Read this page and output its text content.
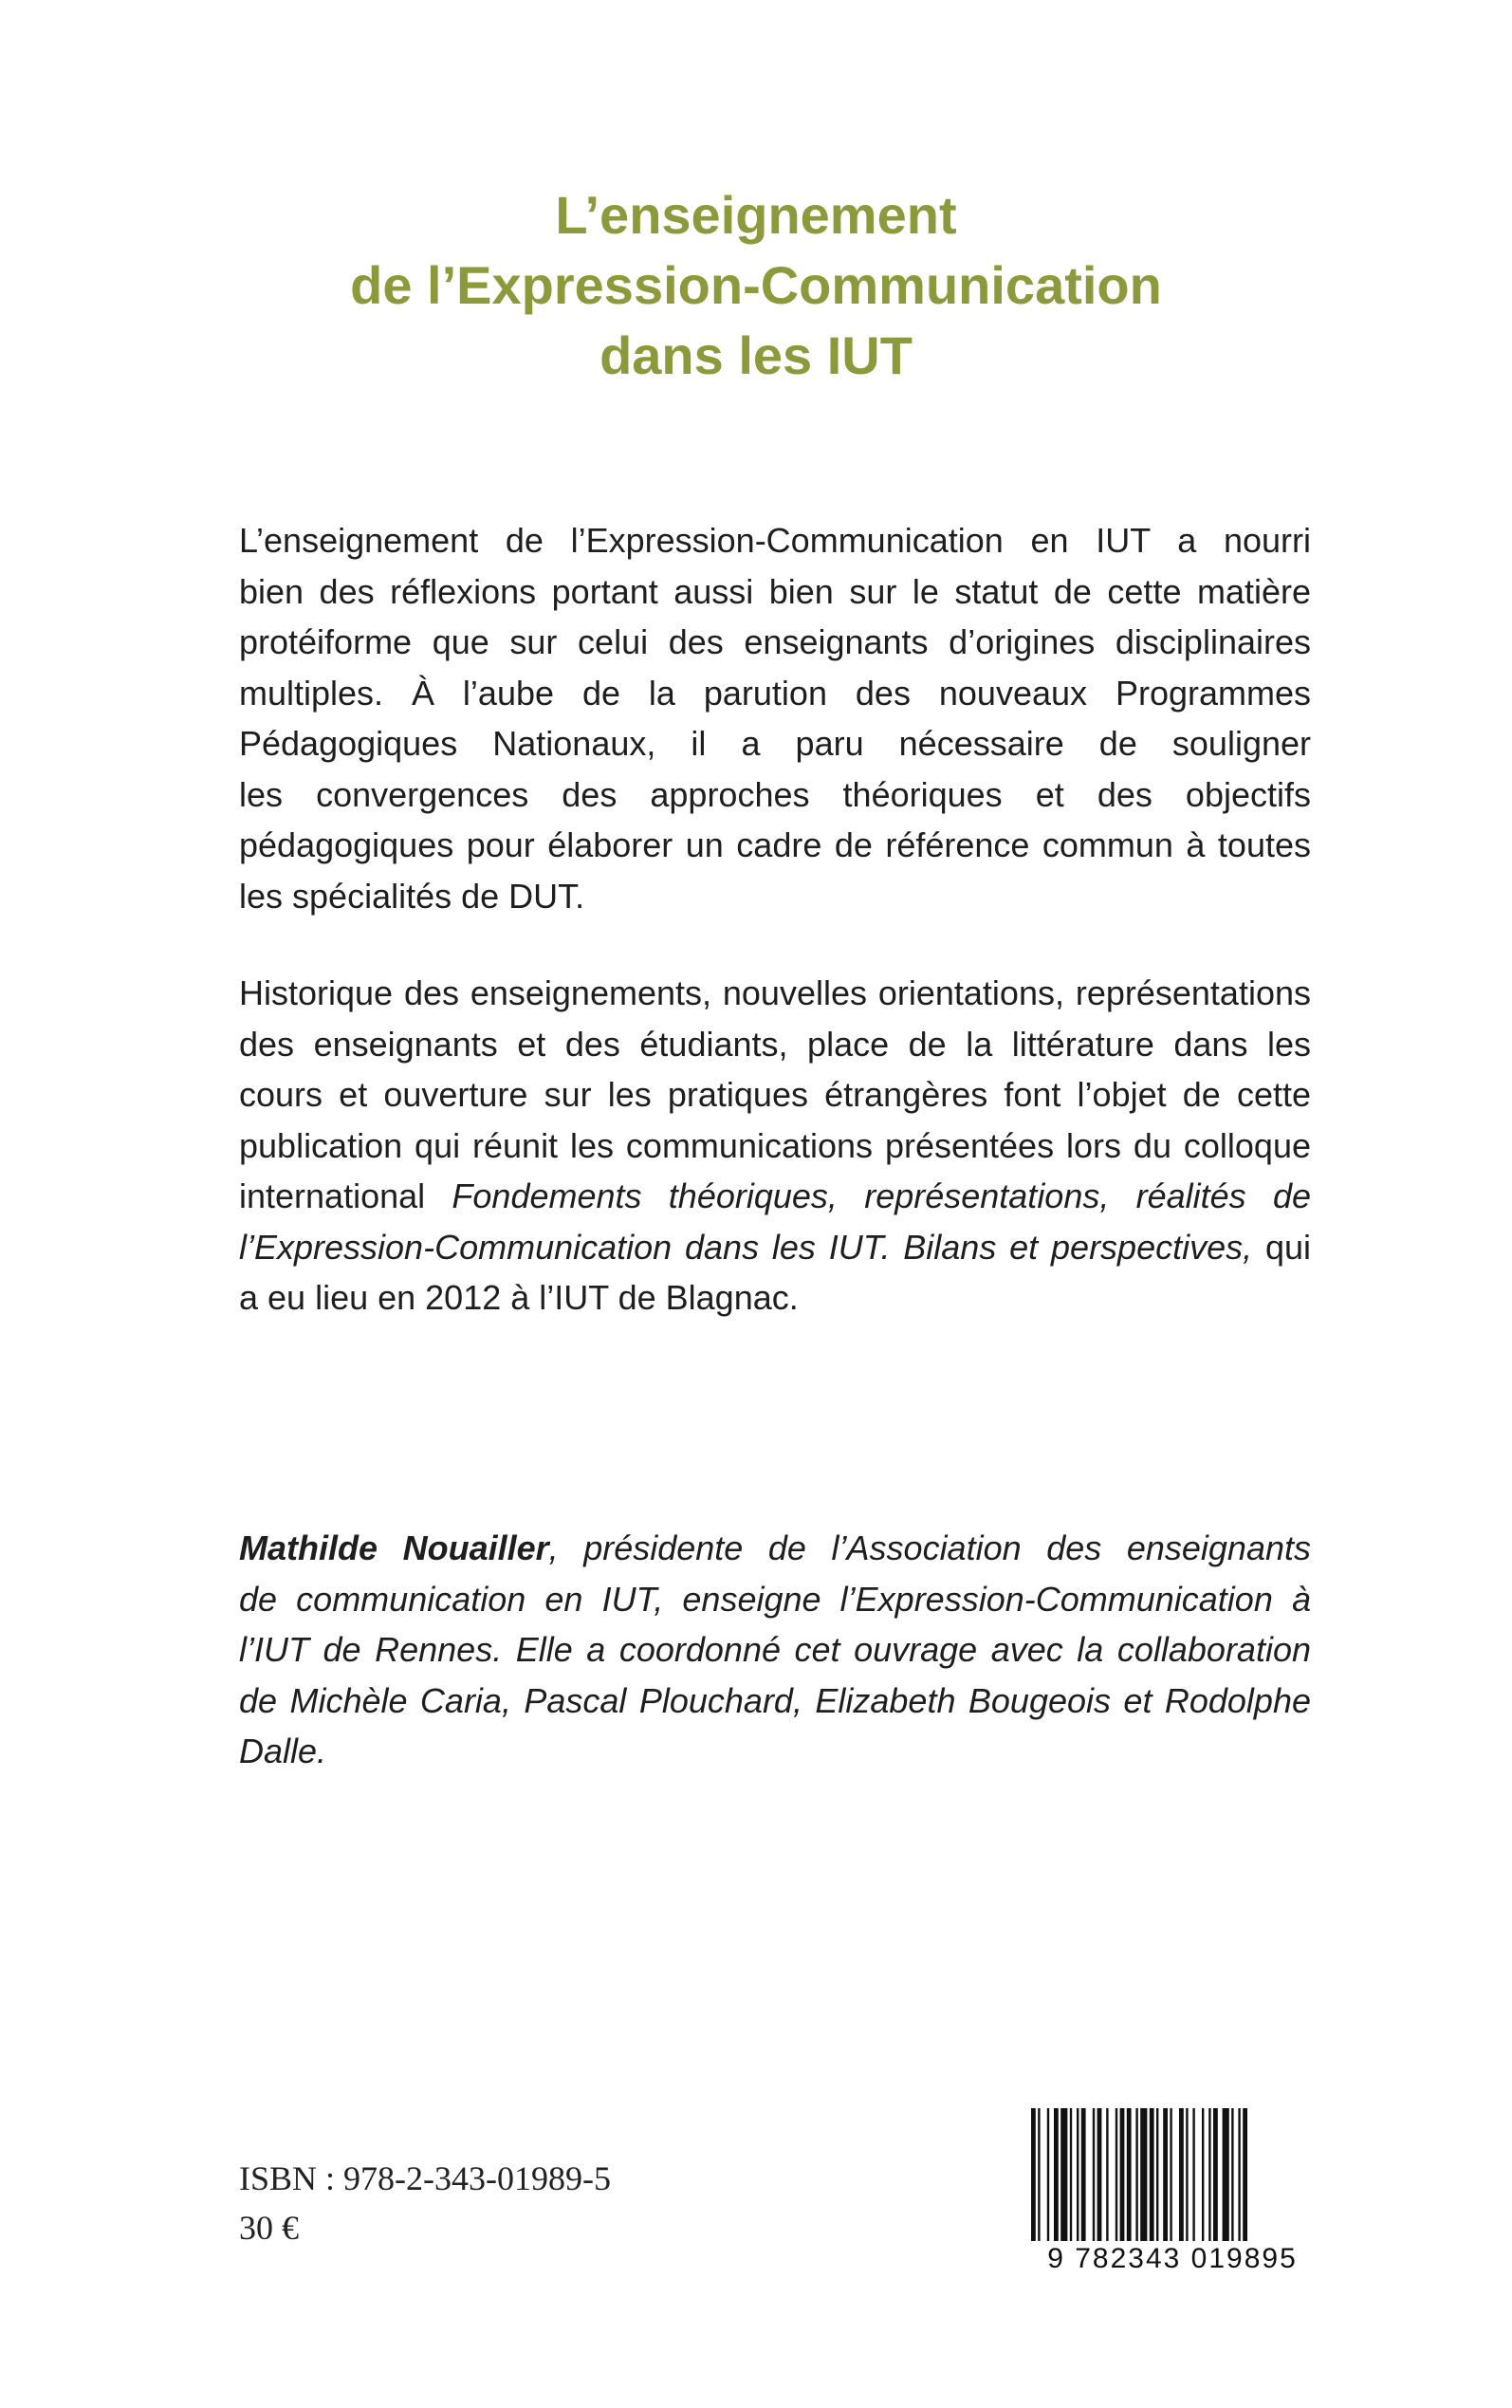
L’enseignement
de l’Expression-Communication
dans les IUT
L’enseignement de l’Expression-Communication en IUT a nourri
bien des réflexions portant aussi bien sur le statut de cette matière
protéiforme que sur celui des enseignants d’origines disciplinaires
multiples. À l’aube de la parution des nouveaux Programmes
Pédagogiques Nationaux, il a paru nécessaire de souligner
les convergences des approches théoriques et des objectifs
pédagogiques pour élaborer un cadre de référence commun à toutes
les spécialités de DUT.
Historique des enseignements, nouvelles orientations, représentations
des enseignants et des étudiants, place de la littérature dans les
cours et ouverture sur les pratiques étrangères font l’objet de cette
publication qui réunit les communications présentées lors du colloque
international Fondements théoriques, représentations, réalités de
l’Expression-Communication dans les IUT. Bilans et perspectives, qui
a eu lieu en 2012 à l’IUT de Blagnac.
Mathilde Nouailler, présidente de l’Association des enseignants
de communication en IUT, enseigne l’Expression-Communication à
l’IUT de Rennes. Elle a coordonné cet ouvrage avec la collaboration
de Michèle Caria, Pascal Plouchard, Elizabeth Bougeois et Rodolphe
Dalle.
ISBN : 978-2-343-01989-5
30 €
9 782343 019895
